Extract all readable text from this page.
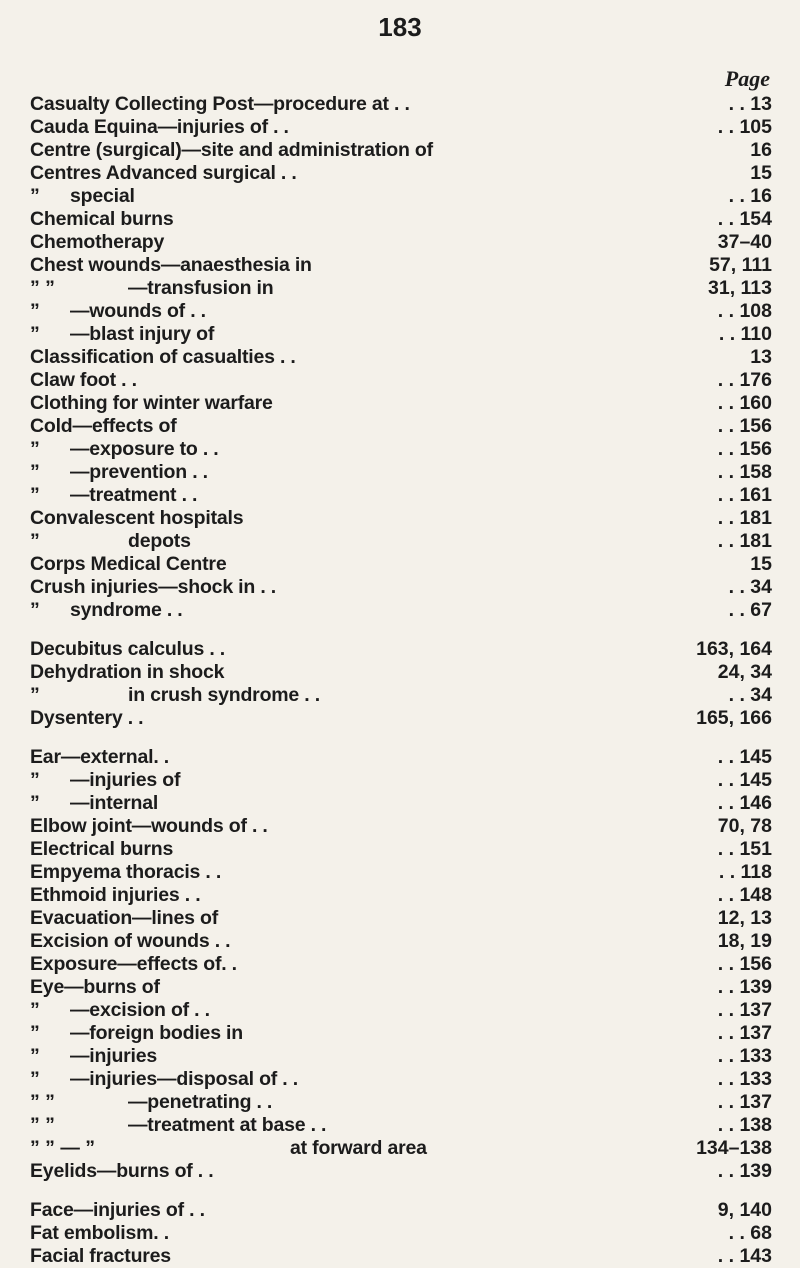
183
Page
Casualty Collecting Post—procedure at . .	. . 13
Cauda Equina—injuries of . .	. . 105
Centre (surgical)—site and administration of	16
Centres Advanced surgical . .	15
” special	. . 16
Chemical burns	. . 154
Chemotherapy	37–40
Chest wounds—anaesthesia in	57, 111
” ”	—transfusion in	31, 113
” —wounds of . .	. . 108
” —blast injury of	. . 110
Classification of casualties . .	13
Claw foot . .	. . 176
Clothing for winter warfare	. . 160
Cold—effects of	. . 156
” —exposure to . .	. . 156
” —prevention . .	. . 158
” —treatment . .	. . 161
Convalescent hospitals	. . 181
”	depots	. . 181
Corps Medical Centre	15
Crush injuries—shock in . .	. . 34
” syndrome . .	. . 67
Decubitus calculus . .	163, 164
Dehydration in shock	24, 34
”	in crush syndrome . .	. . 34
Dysentery . .	165, 166
Ear—external. .	. . 145
” —injuries of	. . 145
” —internal	. . 146
Elbow joint—wounds of . .	70, 78
Electrical burns	. . 151
Empyema thoracis . .	. . 118
Ethmoid injuries . .	. . 148
Evacuation—lines of	12, 13
Excision of wounds . .	18, 19
Exposure—effects of. .	. . 156
Eye—burns of	. . 139
” —excision of . .	. . 137
” —foreign bodies in	. . 137
” —injuries	. . 133
” —injuries—disposal of . .	. . 133
” ”	—penetrating . .	. . 137
” ”	—treatment at base . .	. . 138
” ” — ”	at forward area	134–138
Eyelids—burns of . .	. . 139
Face—injuries of . .	9, 140
Fat embolism. .	. . 68
Facial fractures	. . 143
